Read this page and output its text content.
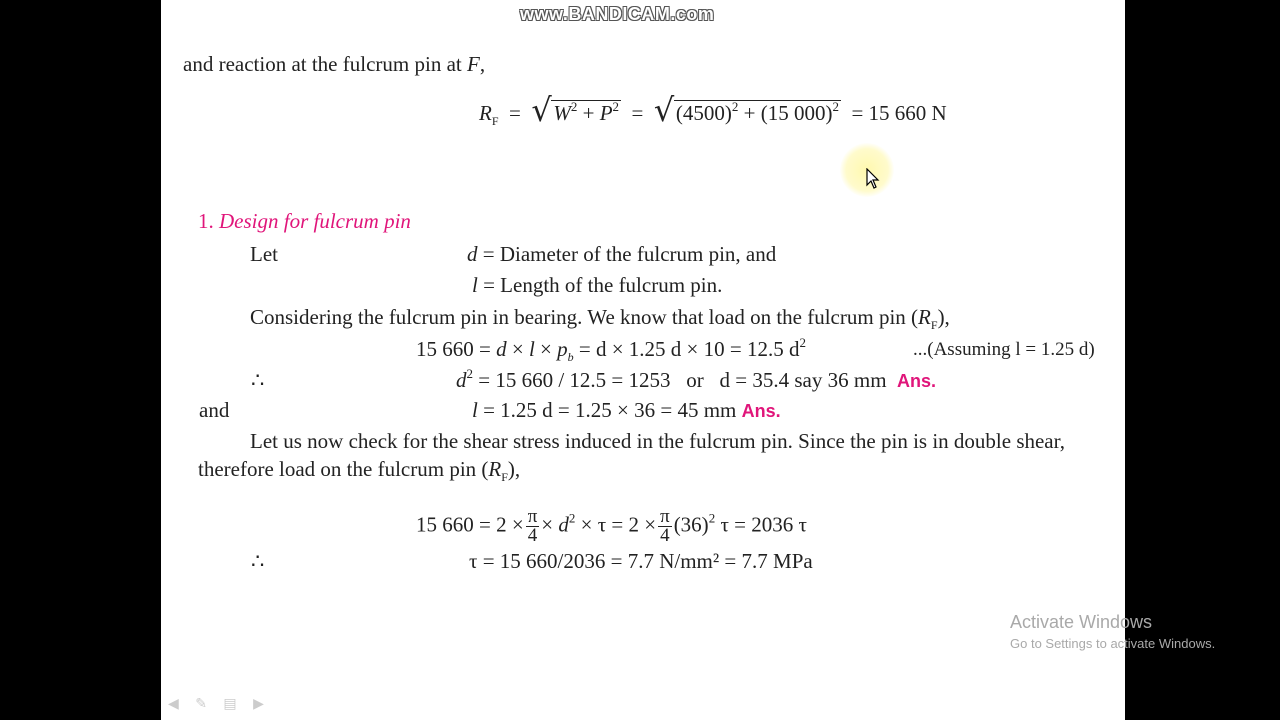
and reaction at the fulcrum pin at F,
$R_F$  = √ $W^2 + P^2$  = √ $(4500)^2 + (15$ 000)$^2$ = 15 660 N
1. Design for fulcrum pin
Let	d = Diameter of the fulcrum pin, and
l = Length of the fulcrum pin.
Considering the fulcrum pin in bearing. We know that load on the fulcrum pin $(R_F)$,
15 $660 = d \times l \times p_b = d \times 1.25$ d × 10 = 12.5 $d^2$	...(Assuming l = 1.25 d)
∴	$d^2 = 15$ 660 / 12.5 = 1253 or d = 35.4 say 36 mm Ans.
and	l = 1.25 d = 1.25 × 36 = 45 mm Ans.
Let us now check for the shear stress induced in the fulcrum pin. Since the pin is in double shear,
therefore load on the fulcrum pin $(R_F)$,
15 $660 = 2 \times \frac{\pi}{4} \times d^2 \times \tau = 2 \times \frac{\pi}{4} (36)^2$ τ = 2036 τ
∴	τ = 15 660/2036 = 7.7 N/mm² = 7.7 MPa
◀ ✎ ▤ ▶
www.BANDICAM.com
Activate Windows
Go to Settings to activate Windows.
